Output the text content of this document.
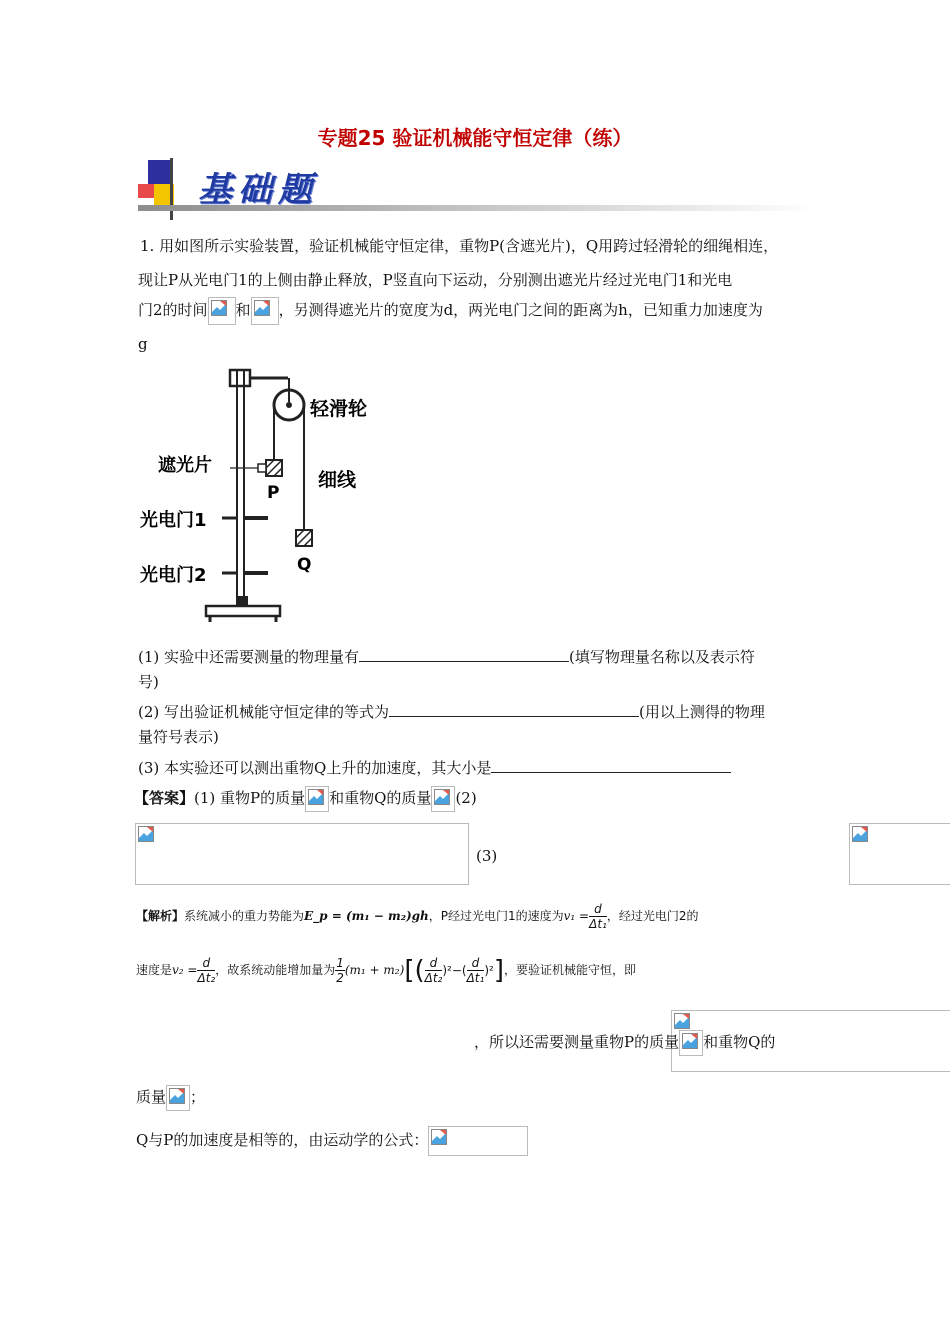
专题25 验证机械能守恒定律（练）
基础题
1. 用如图所示实验装置，验证机械能守恒定律，重物P(含遮光片)，Q用跨过轻滑轮的细绳相连，
现让P从光电门1的上侧由静止释放，P竖直向下运动，分别测出遮光片经过光电门1和光电
门2的时间 和 ，另测得遮光片的宽度为d，两光电门之间的距离为h，已知重力加速度为
g
轻滑轮
遮光片
细线
P
Q
光电门1
光电门2
(1) 实验中还需要测量的物理量有	(填写物理量名称以及表示符
号)
(2) 写出验证机械能守恒定律的等式为	(用以上测得的物理
量符号表示)
(3) 本实验还可以测出重物Q上升的加速度，其大小是
【答案】(1) 重物P的质量 和重物Q的质量 (2)

(3)

【解析】系统减小的重力势能为E_p = (m₁ − m₂)gh，P经过光电门1的速度为$v_1 = \frac{d}{\text{Δt₁}}$ ，经过光电门2的
速度是$v_2 = \frac{d}{\text{Δt₂}}$ ，故系统动能增加量为 $\frac{1}{2} (m_1 + m_2)[( \frac{d}{\text{Δt₂}} )^2-( \frac{d}{\text{Δt₁}} )^2]$，要验证机械能守恒，即
，所以还需要测量重物P的质量 和重物Q的
质量 ；
Q与P的加速度是相等的，由运动学的公式：
